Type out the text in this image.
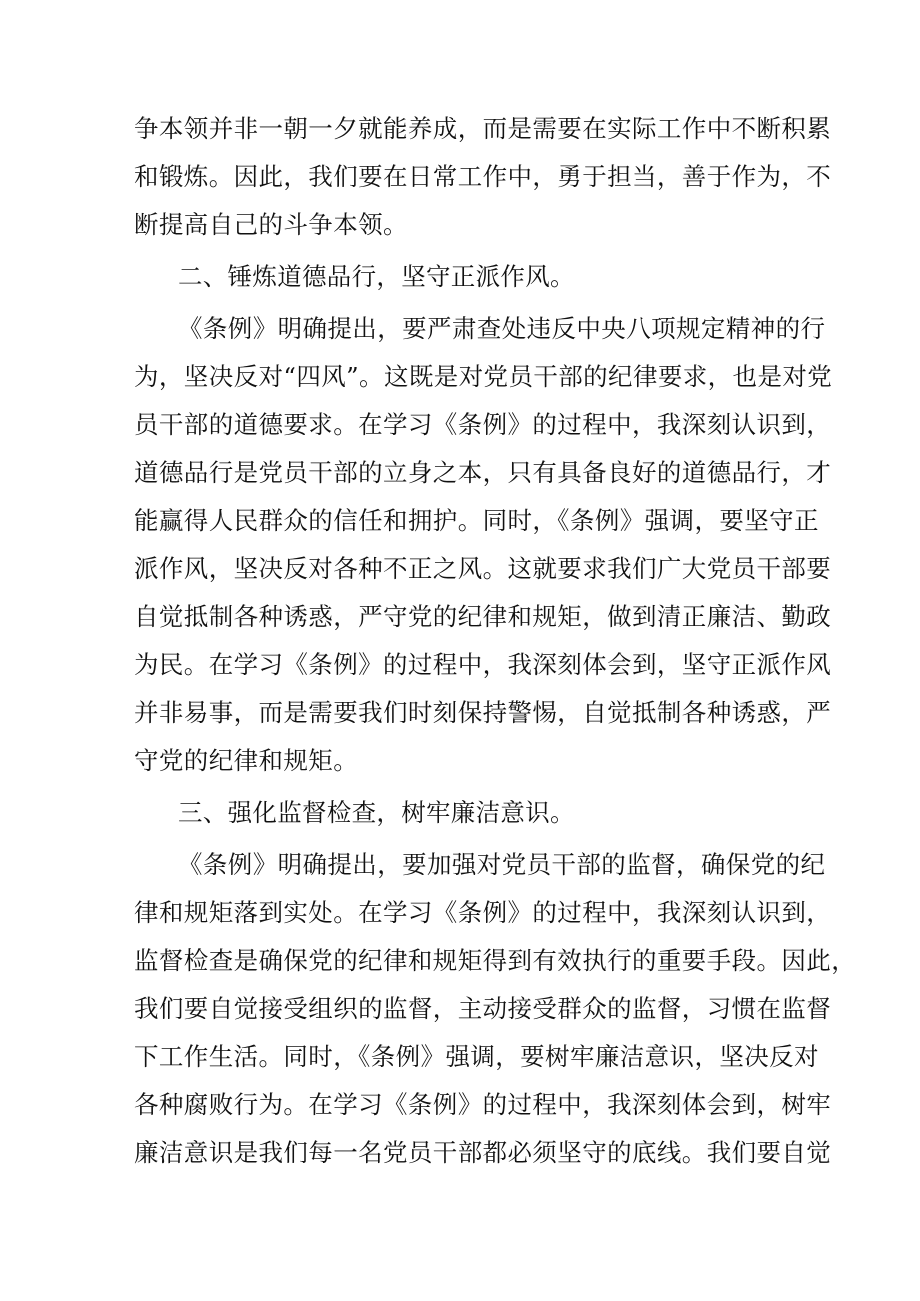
争本领并非一朝一夕就能养成，而是需要在实际工作中不断积累
和锻炼。因此，我们要在日常工作中，勇于担当，善于作为，不
断提高自己的斗争本领。
二、锤炼道德品行，坚守正派作风。
《条例》明确提出，要严肃查处违反中央八项规定精神的行
为，坚决反对“四风”。这既是对党员干部的纪律要求，也是对党
员干部的道德要求。在学习《条例》的过程中，我深刻认识到，
道德品行是党员干部的立身之本，只有具备良好的道德品行，才
能赢得人民群众的信任和拥护。同时，《条例》强调，要坚守正
派作风，坚决反对各种不正之风。这就要求我们广大党员干部要
自觉抵制各种诱惑，严守党的纪律和规矩，做到清正廉洁、勤政
为民。在学习《条例》的过程中，我深刻体会到，坚守正派作风
并非易事，而是需要我们时刻保持警惕，自觉抵制各种诱惑，严
守党的纪律和规矩。
三、强化监督检查，树牢廉洁意识。
《条例》明确提出，要加强对党员干部的监督，确保党的纪
律和规矩落到实处。在学习《条例》的过程中，我深刻认识到，
监督检查是确保党的纪律和规矩得到有效执行的重要手段。因此，
我们要自觉接受组织的监督，主动接受群众的监督，习惯在监督
下工作生活。同时，《条例》强调，要树牢廉洁意识，坚决反对
各种腐败行为。在学习《条例》的过程中，我深刻体会到，树牢
廉洁意识是我们每一名党员干部都必须坚守的底线。我们要自觉
